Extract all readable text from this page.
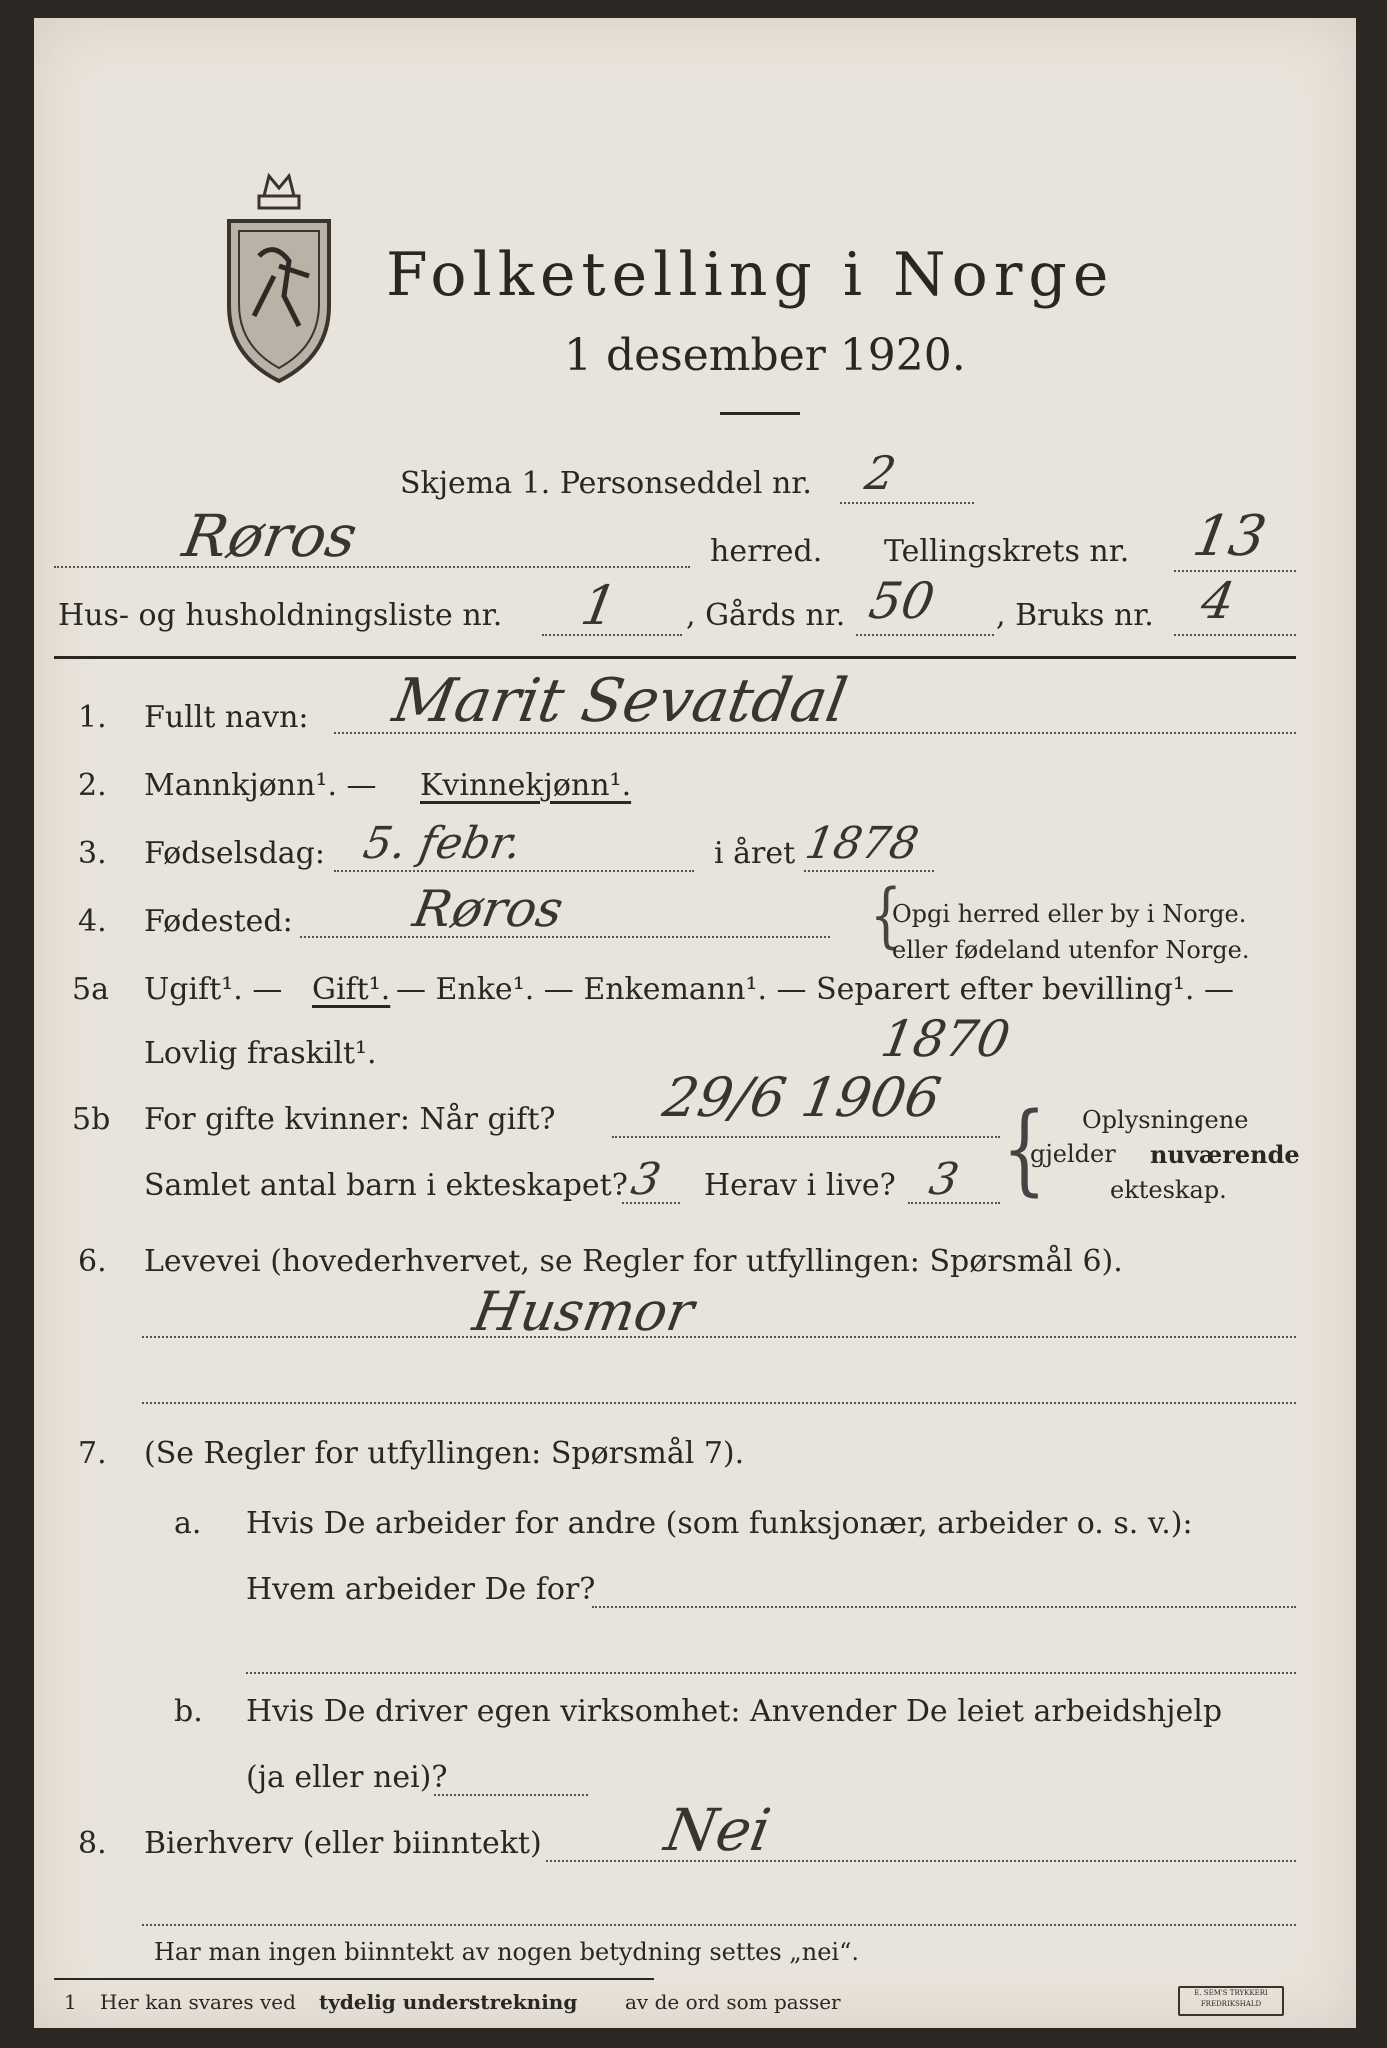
Folketelling i Norge
1 desember 1920.
Skjema 1. Personseddel nr. 2
Røros	herred. Tellingskrets nr. 13
Hus- og husholdningsliste nr. 1 , Gårds nr. 50 , Bruks nr. 4
1. Fullt navn: Marit Sevatdal
2. Mannkjønn¹. — Kvinnekjønn¹.
3. Fødselsdag: 5. febr.	i året 1878
4. Fødested: Røros	{
Opgi herred eller by i Norge.
eller fødeland utenfor Norge.
5a Ugift¹. — Gift¹. — Enke¹. — Enkemann¹. — Separert efter bevilling¹. —
Lovlig fraskilt¹.	1870
5b For gifte kvinner: Når gift? 29/6 1906
Samlet antal barn i ekteskapet? 3 Herav i live? 3 { Oplysningene
gjelder nuværende
ekteskap.
6. Levevei (hovederhvervet, se Regler for utfyllingen: Spørsmål 6).
Husmor
7. (Se Regler for utfyllingen: Spørsmål 7).
a. Hvis De arbeider for andre (som funksjonær, arbeider o. s. v.):
Hvem arbeider De for?
b. Hvis De driver egen virksomhet: Anvender De leiet arbeidshjelp
(ja eller nei)?
8. Bierhverv (eller biinntekt) Nei
Har man ingen biinntekt av nogen betydning settes „nei“.
1 Her kan svares ved tydelig understrekning av de ord som passer	E. SEM'S TRYKKERI
FREDRIKSHALD
